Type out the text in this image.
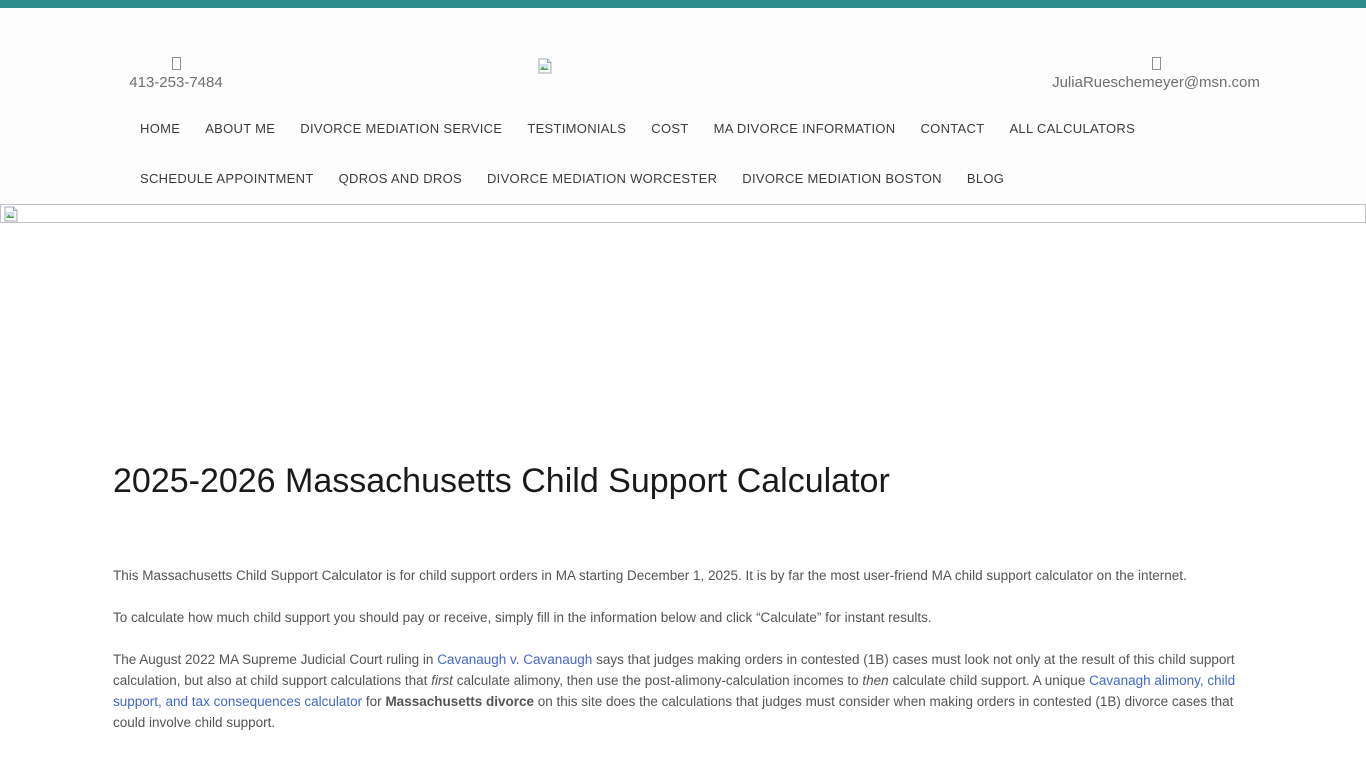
413-253-7484	JuliaRueschemeyer@msn.com
HOME ABOUT ME DIVORCE MEDIATION SERVICE TESTIMONIALS COST MA DIVORCE INFORMATION CONTACT ALL CALCULATORS
SCHEDULE APPOINTMENT QDROS AND DROS DIVORCE MEDIATION WORCESTER DIVORCE MEDIATION BOSTON BLOG
2025-2026 Massachusetts Child Support Calculator

This Massachusetts Child Support Calculator is for child support orders in MA starting December 1, 2025. It is by far the most user-friend MA child support calculator on the internet.

To calculate how much child support you should pay or receive, simply fill in the information below and click “Calculate” for instant results.

The August 2022 MA Supreme Judicial Court ruling in Cavanaugh v. Cavanaugh says that judges making orders in contested (1B) cases must look not only at the result of this child support calculation, but also at child support calculations that first calculate alimony, then use the post-alimony-calculation incomes to then calculate child support. A unique Cavanagh alimony, child support, and tax consequences calculator for Massachusetts divorce on this site does the calculations that judges must consider when making orders in contested (1B) divorce cases that could involve child support.
